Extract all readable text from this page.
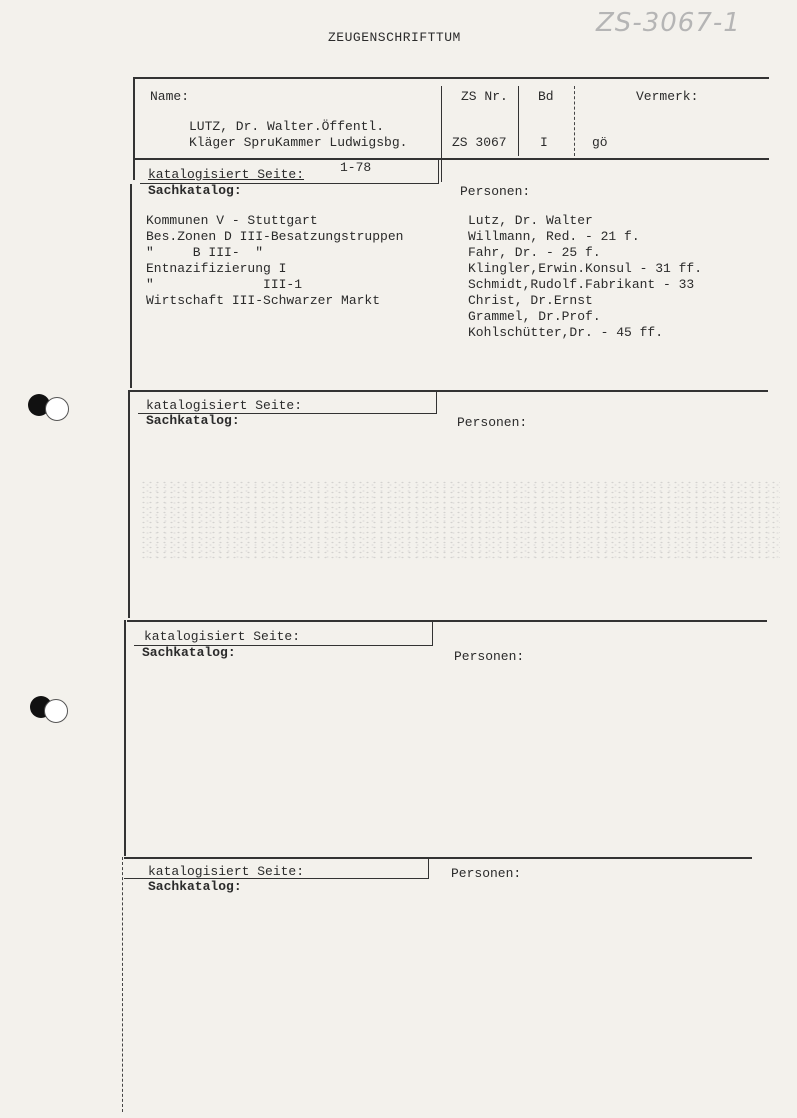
ZS-3067-1
ZEUGENSCHRIFTTUM
Name:	ZS Nr. Bd	Vermerk:
LUTZ, Dr. Walter.Öffentl.
Kläger SpruKammer Ludwigsbg.	ZS 3067	I	gö
katalogisiert Seite:	1-78
Sachkatalog:	Personen:
Kommunen V - Stuttgart
Bes.Zonen D III-Besatzungstruppen
"     B III-  "
Entnazifizierung I
"              III-1
Wirtschaft III-Schwarzer Markt
Lutz, Dr. Walter
Willmann, Red. - 21 f.
Fahr, Dr. - 25 f.
Klingler,Erwin.Konsul - 31 ff.
Schmidt,Rudolf.Fabrikant - 33
Christ, Dr.Ernst
Grammel, Dr.Prof.
Kohlschütter,Dr. - 45 ff.
katalogisiert Seite:
Sachkatalog:	Personen:
katalogisiert Seite:
Sachkatalog:	Personen:
katalogisiert Seite:
Sachkatalog:
Personen:
